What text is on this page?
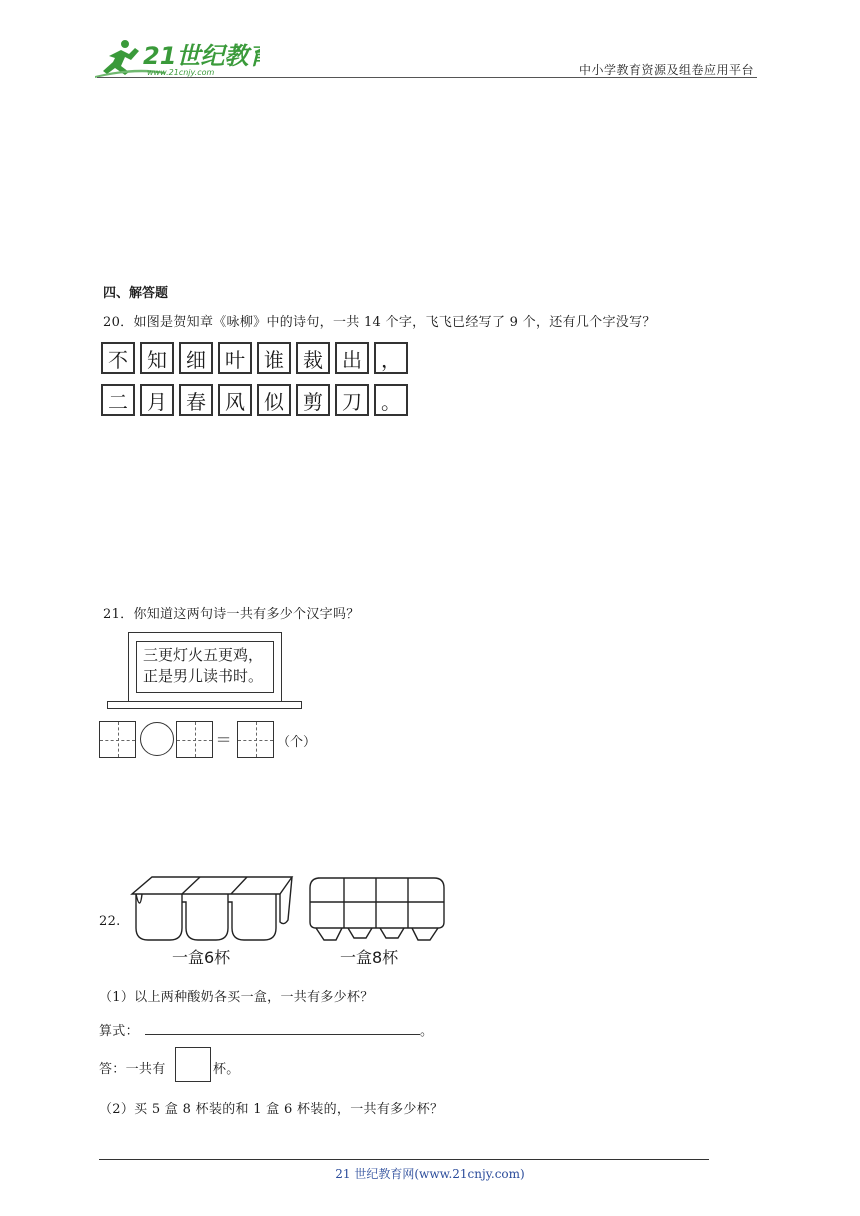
21世纪教育
www.21cnjy.com	中小学教育资源及组卷应用平台
四、解答题
20．如图是贺知章《咏柳》中的诗句，一共 14 个字，飞飞已经写了 9 个，还有几个字没写？
不 知 细 叶 谁 裁 出 ，
二 月 春 风 似 剪 刀 。
21．你知道这两句诗一共有多少个汉字吗？
三更灯火五更鸡，
正是男儿读书时。
=	（个）
22.
一盒6杯	一盒8杯
（1）以上两种酸奶各买一盒，一共有多少杯？
算式：	。
答：一共有	杯。
（2）买 5 盒 8 杯装的和 1 盒 6 杯装的，一共有多少杯？
21 世纪教育网(www.21cnjy.com)
